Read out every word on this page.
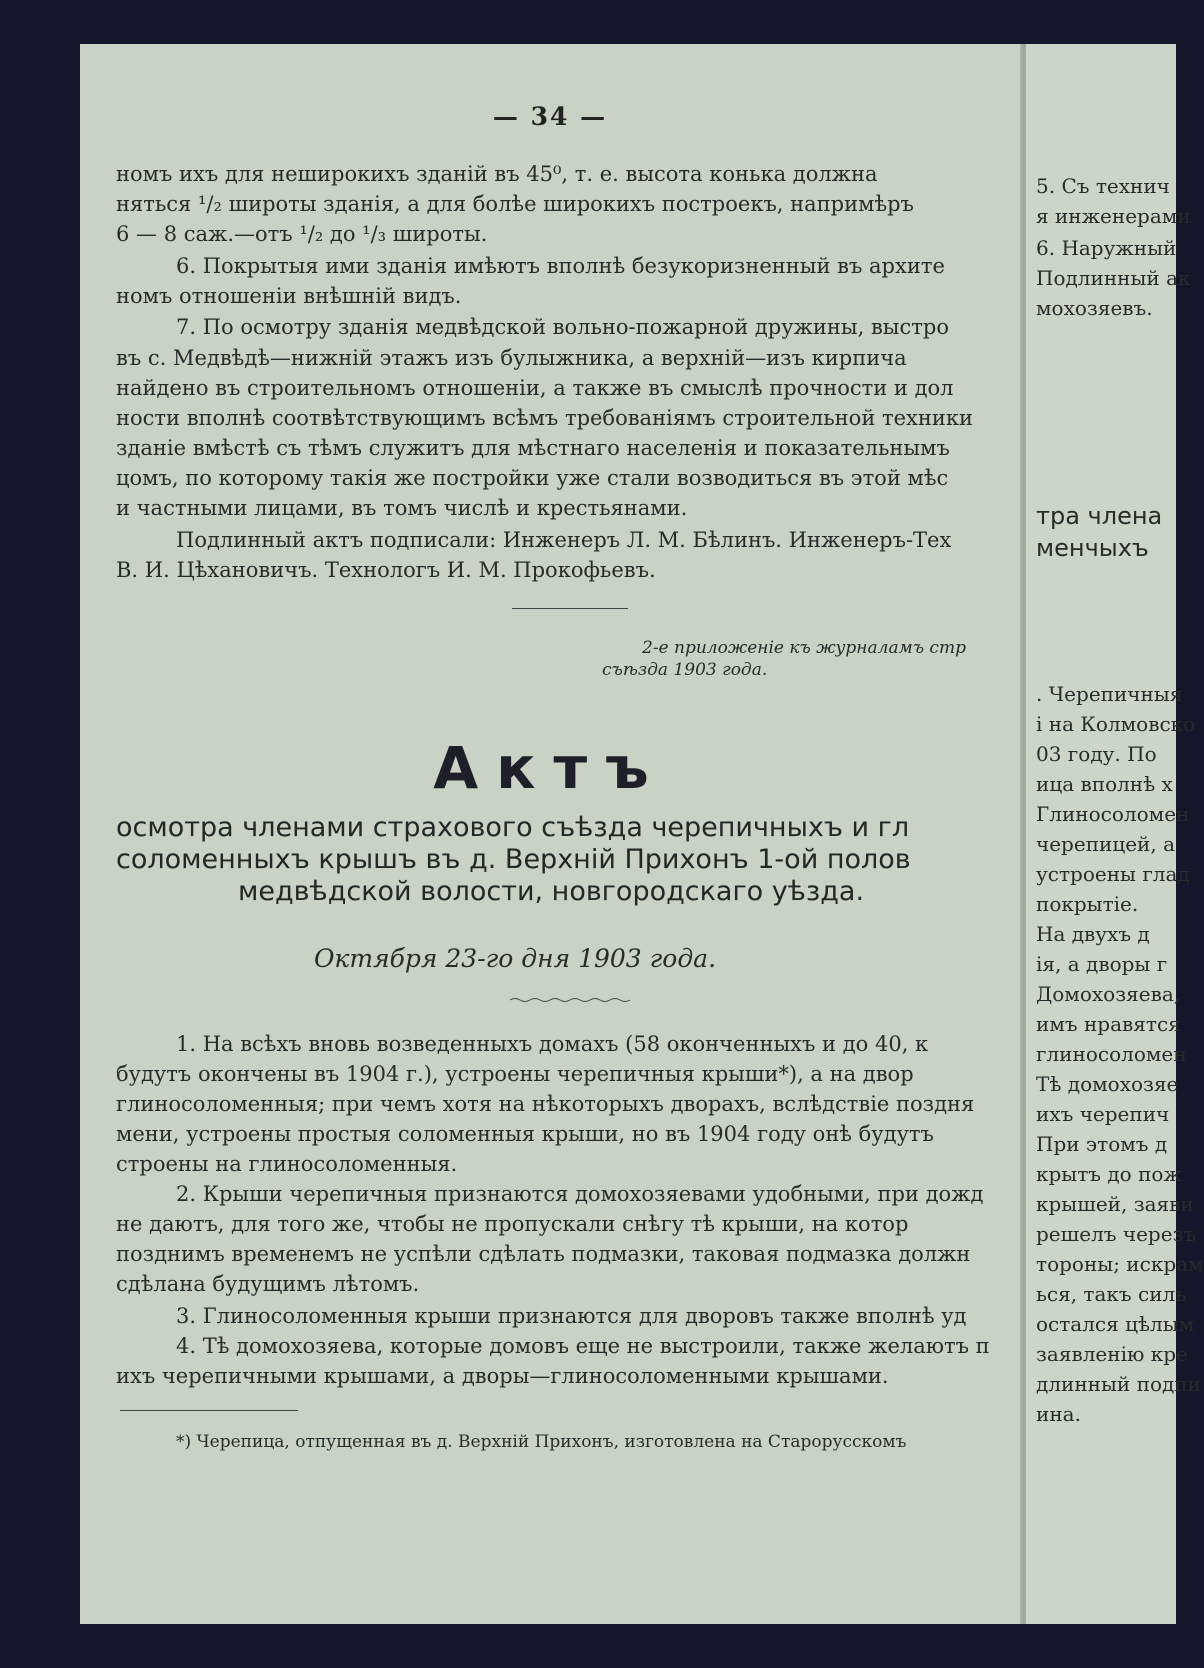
— 34 —
номъ ихъ для неширокихъ зданій въ 45⁰, т. е. высота конька должна
няться ¹/₂ широты зданія, а для болѣе широкихъ построекъ, напримѣръ
6 — 8 саж.—отъ ¹/₂ до ¹/₃ широты.
6. Покрытыя ими зданія имѣютъ вполнѣ безукоризненный въ архите
номъ отношеніи внѣшній видъ.
7. По осмотру зданія медвѣдской вольно-пожарной дружины, выстро
въ с. Медвѣдѣ—нижній этажъ изъ булыжника, а верхній—изъ кирпича
найдено въ строительномъ отношеніи, а также въ смыслѣ прочности и дол
ности вполнѣ соотвѣтствующимъ всѣмъ требованіямъ строительной техники
зданіе вмѣстѣ съ тѣмъ служитъ для мѣстнаго населенія и показательнымъ
цомъ, по которому такія же постройки уже стали возводиться въ этой мѣс
и частными лицами, въ томъ числѣ и крестьянами.
Подлинный актъ подписали: Инженеръ Л. М. Бѣлинъ. Инженеръ-Тех
В. И. Цѣхановичъ. Технологъ И. М. Прокофьевъ.
2-е приложеніе къ журналамъ стр
съѣзда 1903 года.
Актъ
осмотра членами страхового съѣзда черепичныхъ и гл
соломенныхъ крышъ въ д. Верхній Прихонъ 1-ой полов
медвѣдской волости, новгородскаго уѣзда.
Октября 23-го дня 1903 года.
1. На всѣхъ вновь возведенныхъ домахъ (58 оконченныхъ и до 40, к
будутъ окончены въ 1904 г.), устроены черепичныя крыши*), а на двор
глиносоломенныя; при чемъ хотя на нѣкоторыхъ дворахъ, вслѣдствіе поздня
мени, устроены простыя соломенныя крыши, но въ 1904 году онѣ будутъ
строены на глиносоломенныя.
2. Крыши черепичныя признаются домохозяевами удобными, при дожд
не даютъ, для того же, чтобы не пропускали снѣгу тѣ крыши, на котор
позднимъ временемъ не успѣли сдѣлать подмазки, таковая подмазка должн
сдѣлана будущимъ лѣтомъ.
3. Глиносоломенныя крыши признаются для дворовъ также вполнѣ уд
4. Тѣ домохозяева, которые домовъ еще не выстроили, также желаютъ п
ихъ черепичными крышами, а дворы—глиносоломенными крышами.
*) Черепица, отпущенная въ д. Верхній Прихонъ, изготовлена на Старорусскомъ
5. Съ технич
я инженерами
6. Наружный
Подлинный ак
мохозяевъ.
тра члена
менчыхъ
. Черепичныя
і на Колмовско
03 году. По
ица вполнѣ х
Глиносоломен
черепицей, а
устроены глад
покрытіе.
На двухъ д
ія, а дворы г
Домохозяева,
имъ нравятся
глиносоломен
Тѣ домохозяе
ихъ черепич
При этомъ д
крытъ до пож
крышей, заяви
решелъ черезъ
тороны; искрам
ься, такъ силь
остался цѣлым
заявленію кре
длинный подпи
ина.
